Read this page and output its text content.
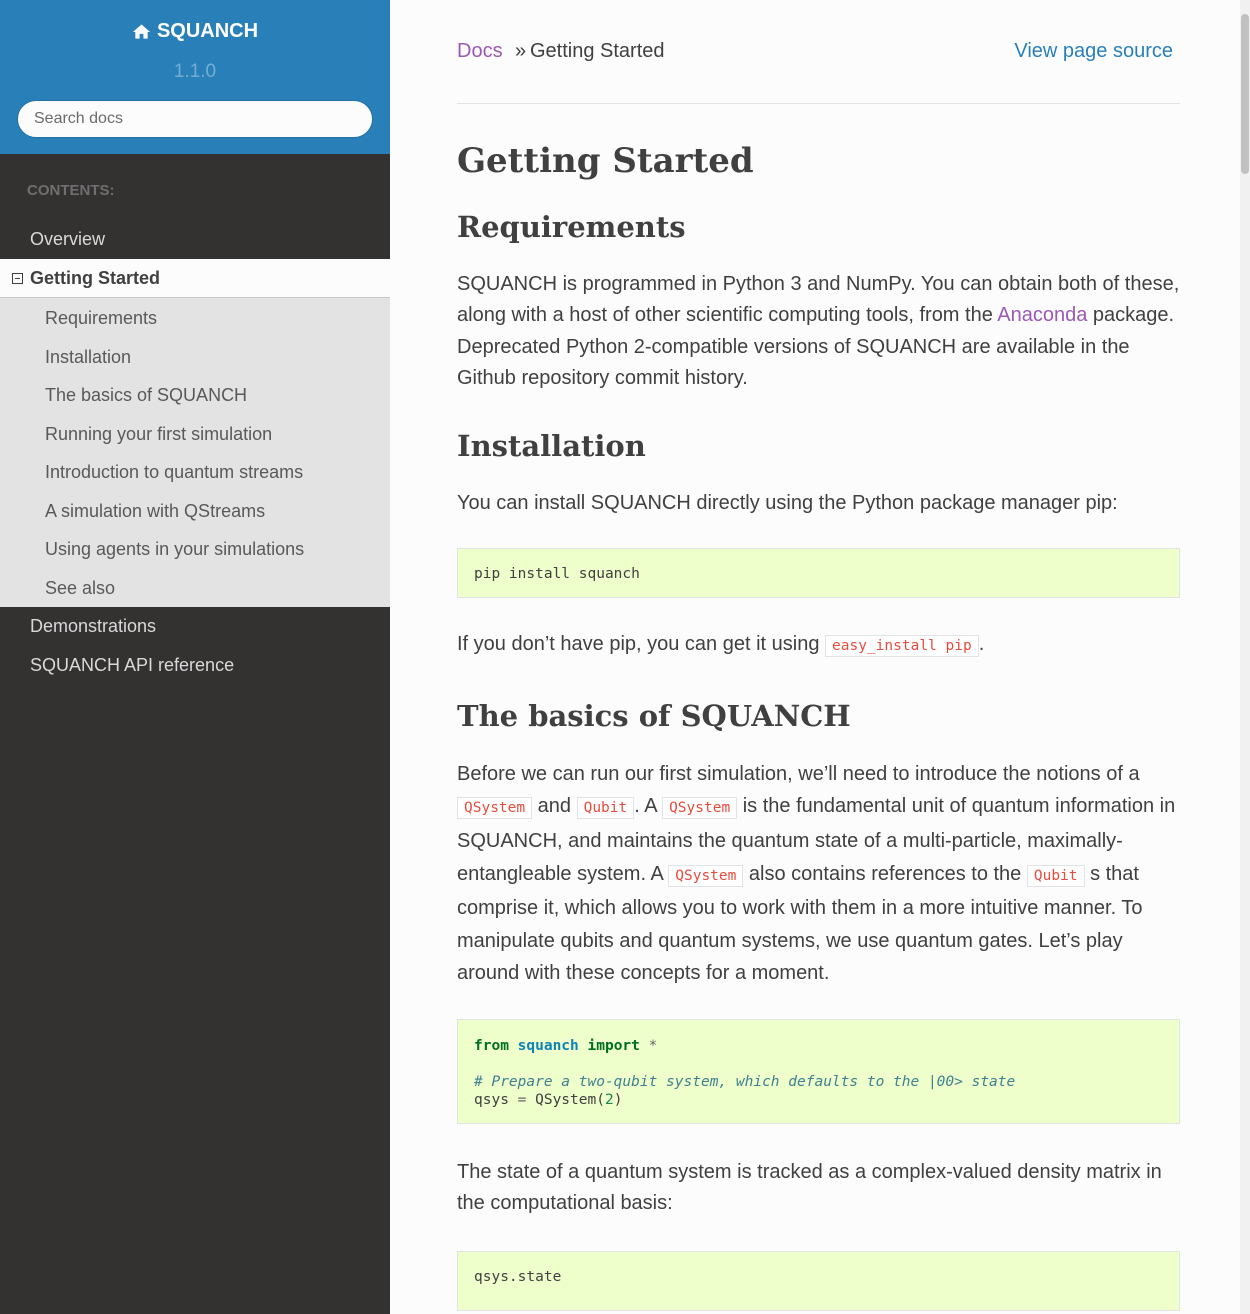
SQUANCH
1.1.0
Search docs
CONTENTS:
Overview
Getting Started
Requirements
Installation
The basics of SQUANCH
Running your first simulation
Introduction to quantum streams
A simulation with QStreams
Using agents in your simulations
See also
Demonstrations
SQUANCH API reference
Docs » Getting Started	View page source
Getting Started
Requirements

SQUANCH is programmed in Python 3 and NumPy. You can obtain both of these, along with a host of other scientific computing tools, from the Anaconda package. Deprecated Python 2-compatible versions of SQUANCH are available in the Github repository commit history.

Installation

You can install SQUANCH directly using the Python package manager pip:

pip install squanch

If you don’t have pip, you can get it using easy_install pip .

The basics of SQUANCH

Before we can run our first simulation, we’ll need to introduce the notions of a QSystem and Qubit . A QSystem is the fundamental unit of quantum information in SQUANCH, and maintains the quantum state of a multi-particle, maximally-entangleable system. A QSystem also contains references to the Qubit s that comprise it, which allows you to work with them in a more intuitive manner. To manipulate qubits and quantum systems, we use quantum gates. Let’s play around with these concepts for a moment.

from squanch import *

# Prepare a two-qubit system, which defaults to the |00> state
qsys = QSystem(2)

The state of a quantum system is tracked as a complex-valued density matrix in the computational basis:

qsys.state
